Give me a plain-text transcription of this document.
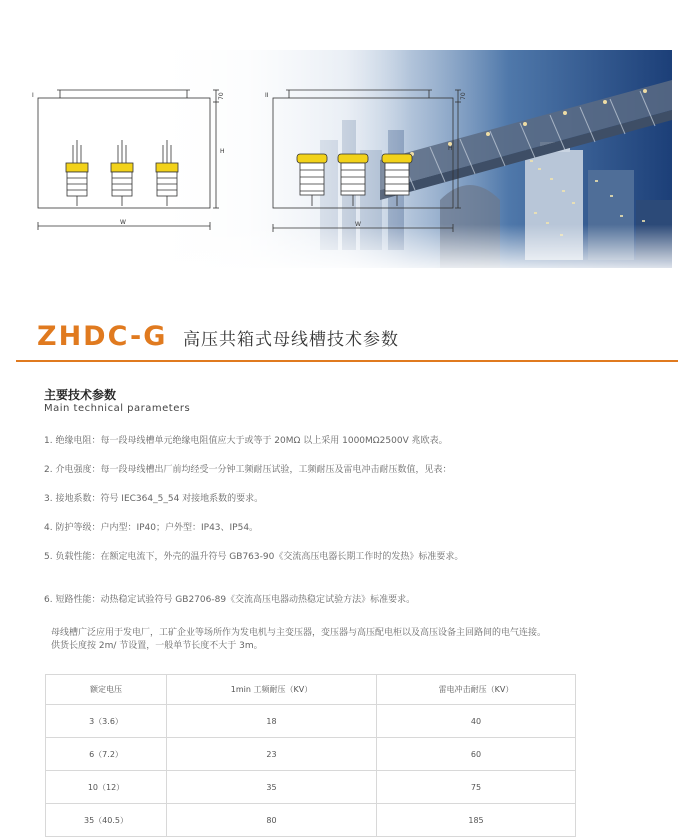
I	70
H
W
II	70
H
W
ZHDC-G 高压共箱式母线槽技术参数
主要技术参数
Main technical parameters
1. 绝缘电阻：每一段母线槽单元绝缘电阻值应大于或等于 20MΩ 以上采用 1000MΩ2500V 兆欧表。
2. 介电强度：每一段母线槽出厂前均经受一分钟工频耐压试验，工频耐压及雷电冲击耐压数值，见表：
3. 接地系数：符号 IEC364_5_54 对接地系数的要求。
4. 防护等级：户内型：IP40；户外型：IP43、IP54。
5. 负载性能：在额定电流下，外壳的温升符号 GB763-90《交流高压电器长期工作时的发热》标准要求。
6. 短路性能：动热稳定试验符号 GB2706-89《交流高压电器动热稳定试验方法》标准要求。
母线槽广泛应用于发电厂，工矿企业等场所作为发电机与主变压器，变压器与高压配电柜以及高压设备主回路间的电气连接。供货长度按 2m/ 节设置，一般单节长度不大于 3m。
额定电压	1min 工频耐压（KV）	雷电冲击耐压（KV）
3（3.6）	18	40
6（7.2）	23	60
10（12）	35	75
35（40.5）	80	185
